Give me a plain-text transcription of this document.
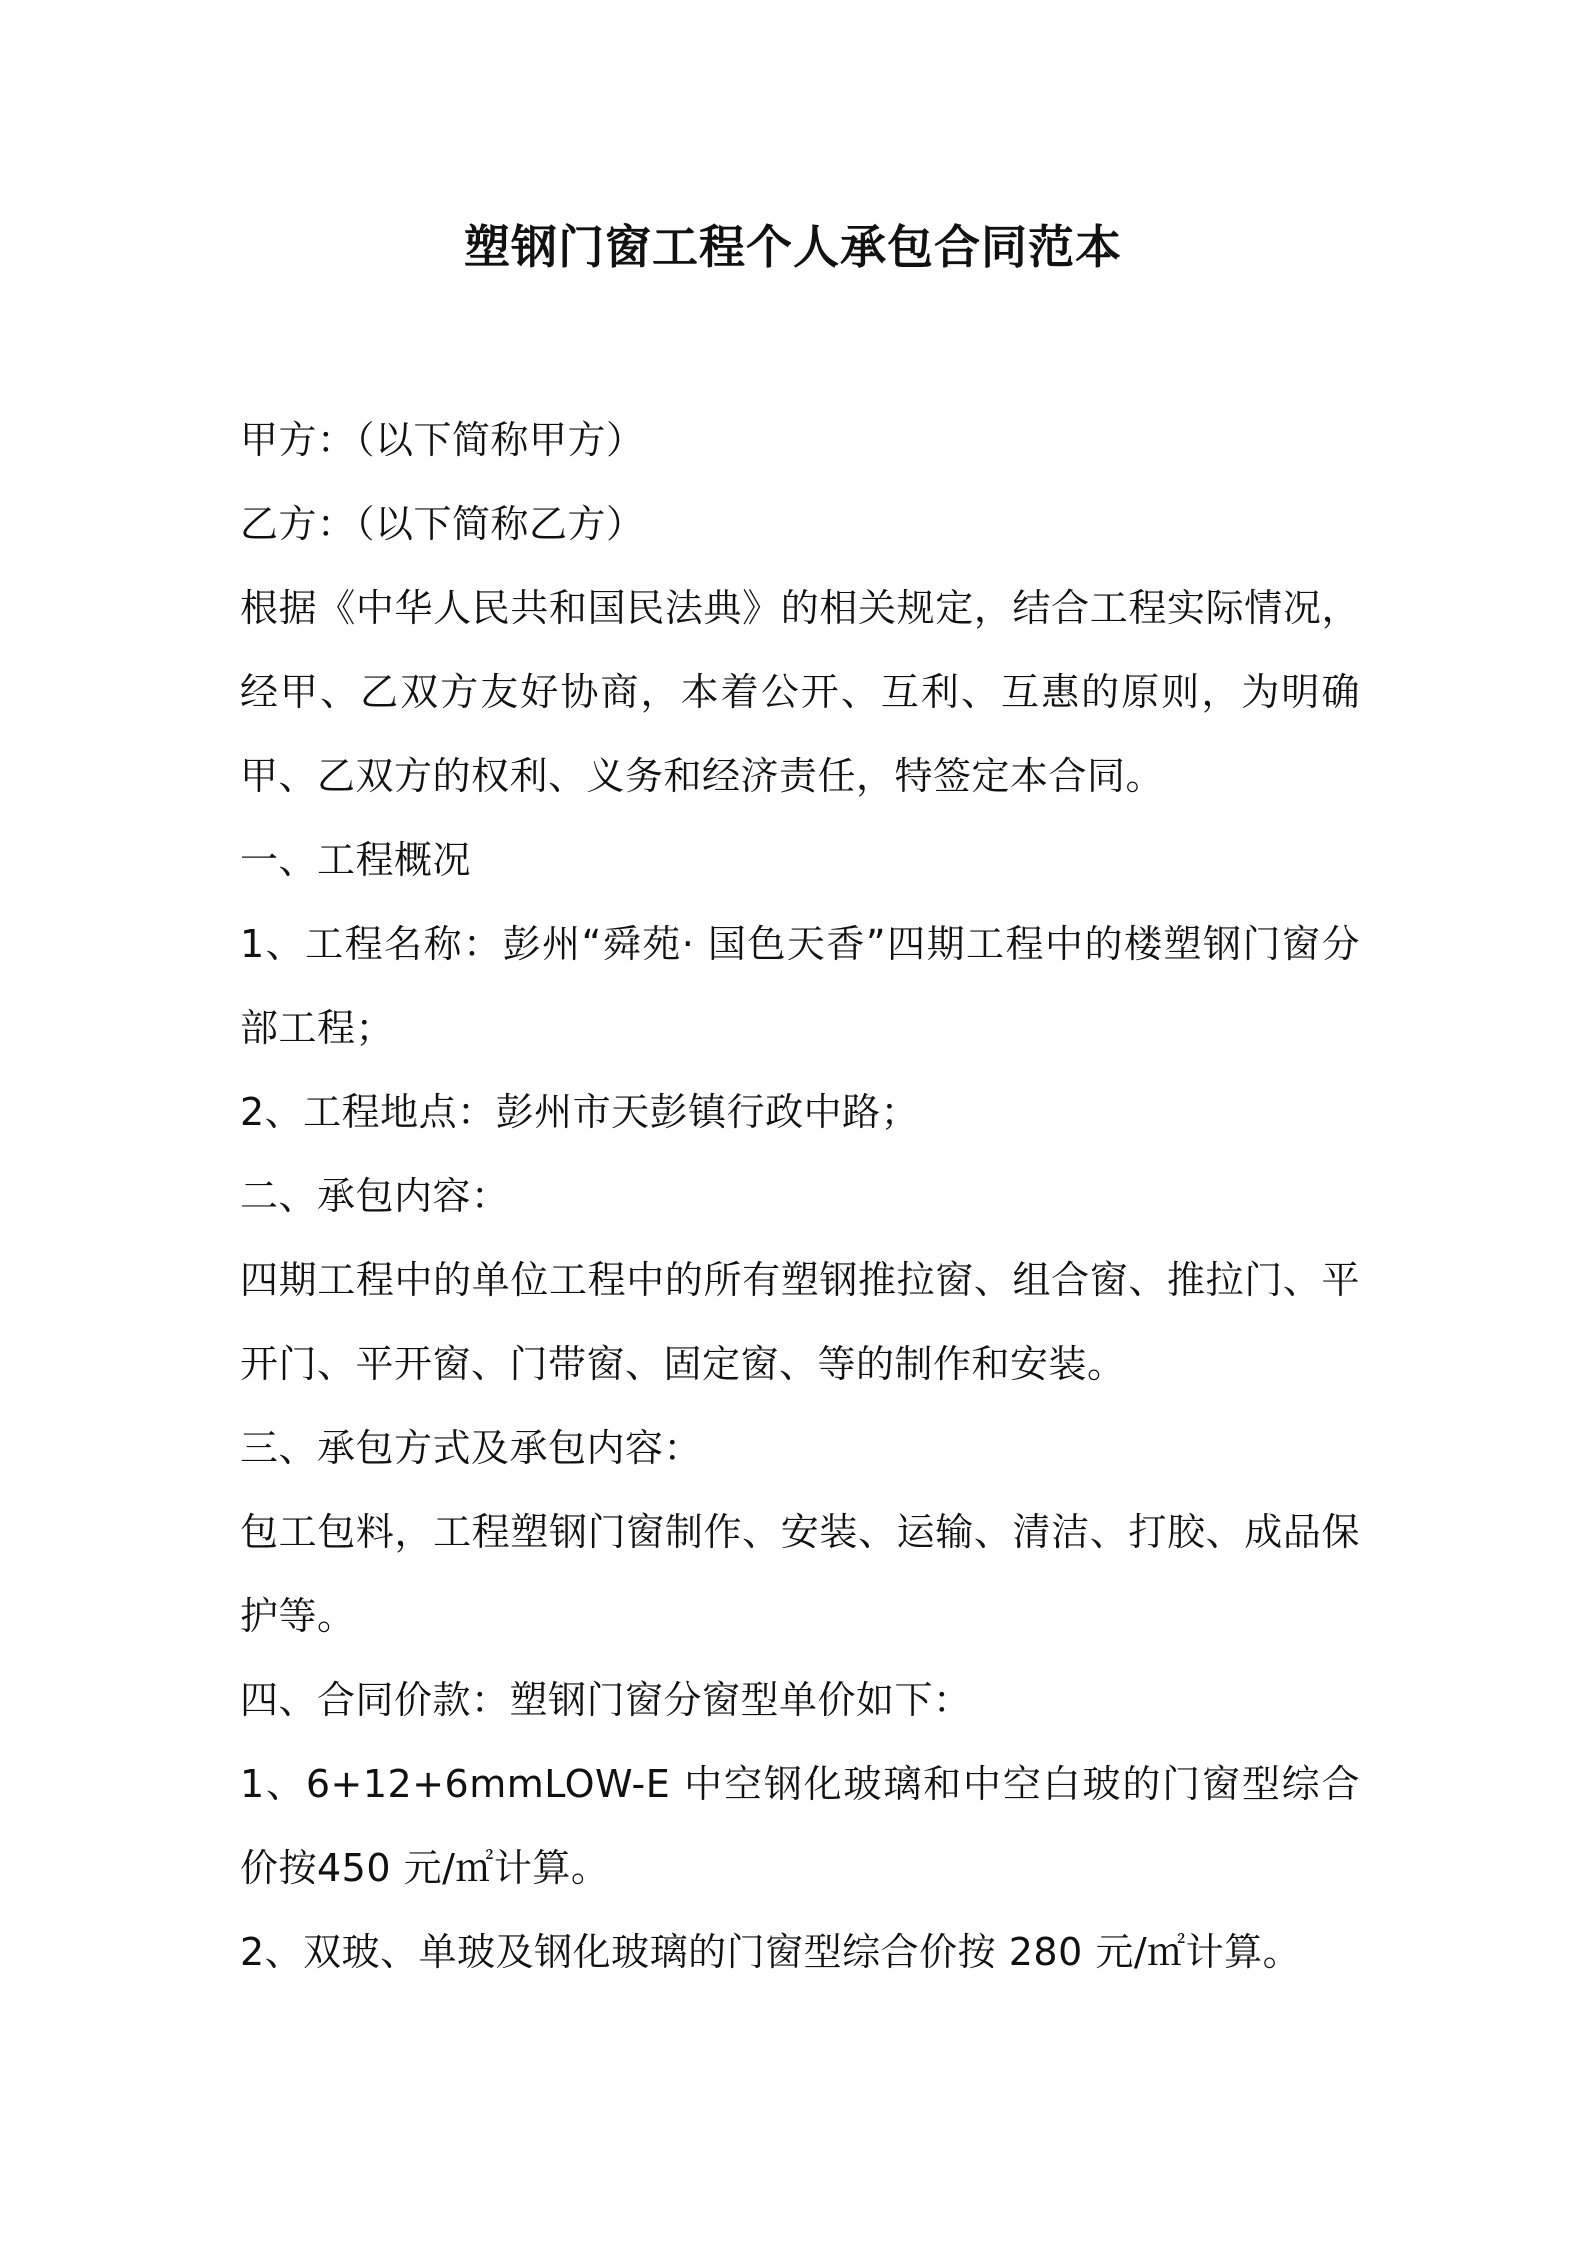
塑钢门窗工程个人承包合同范本

甲方：（以下简称甲方）

乙方：（以下简称乙方）

根据《中华人民共和国民法典》的相关规定，结合工程实际情况，经甲、乙双方友好协商，本着公开、互利、互惠的原则，为明确甲、乙双方的权利、义务和经济责任，特签定本合同。

一、工程概况

1、工程名称：彭州“舜苑· 国色天香”四期工程中的楼塑钢门窗分部工程；

2、工程地点：彭州市天彭镇行政中路；

二、承包内容：

四期工程中的单位工程中的所有塑钢推拉窗、组合窗、推拉门、平开门、平开窗、门带窗、固定窗、等的制作和安装。

三、承包方式及承包内容：

包工包料，工程塑钢门窗制作、安装、运输、清洁、打胶、成品保护等。

四、合同价款：塑钢门窗分窗型单价如下：

1、6+12+6mmLOW-E 中空钢化玻璃和中空白玻的门窗型综合价按450 元/㎡计算。

2、双玻、单玻及钢化玻璃的门窗型综合价按 280 元/㎡计算。
